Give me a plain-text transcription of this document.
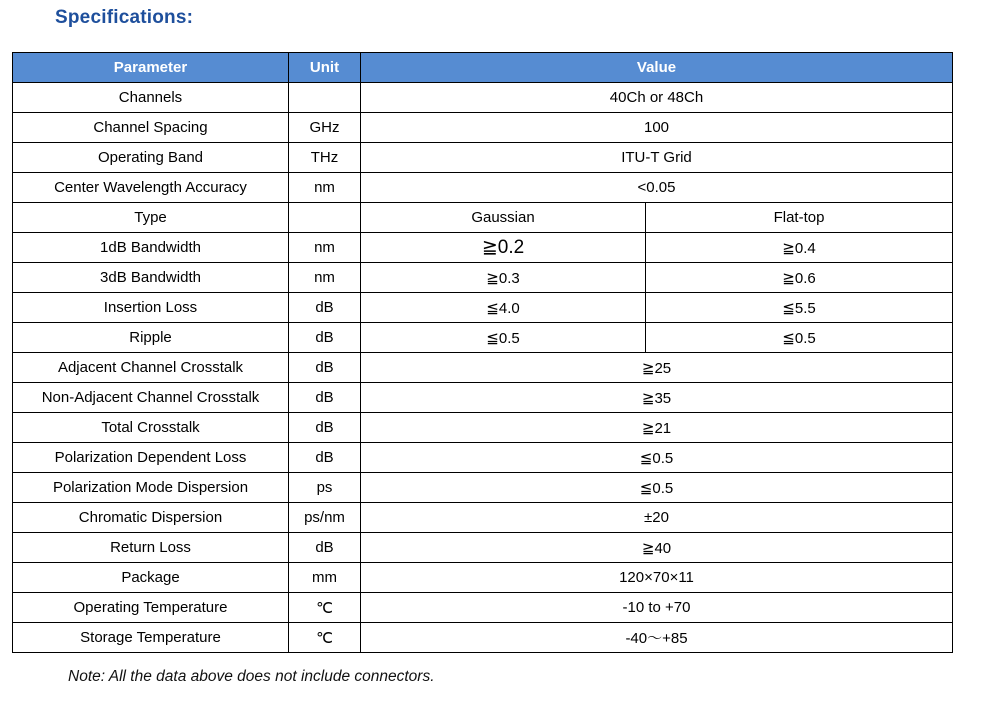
Specifications:
Parameter	Unit	Value	
Channels		40Ch or 48Ch	
Channel Spacing	GHz	100	
Operating Band	THz	ITU-T Grid	
Center Wavelength Accuracy	nm	<0.05	
Type		Gaussian	Flat-top
1dB Bandwidth	nm	≧0.2	≧0.4
3dB Bandwidth	nm	≧0.3	≧0.6
Insertion Loss	dB	≦4.0	≦5.5
Ripple	dB	≦0.5	≦0.5
Adjacent Channel Crosstalk	dB	≧25	
Non-Adjacent Channel Crosstalk	dB	≧35	
Total Crosstalk	dB	≧21	
Polarization Dependent Loss	dB	≦0.5	
Polarization Mode Dispersion	ps	≦0.5	
Chromatic Dispersion	ps/nm	±20	
Return Loss	dB	≧40	
Package	mm	120×70×11	
Operating Temperature	℃	-10 to +70	
Storage Temperature	℃	-40～+85	

Note: All the data above does not include connectors.
